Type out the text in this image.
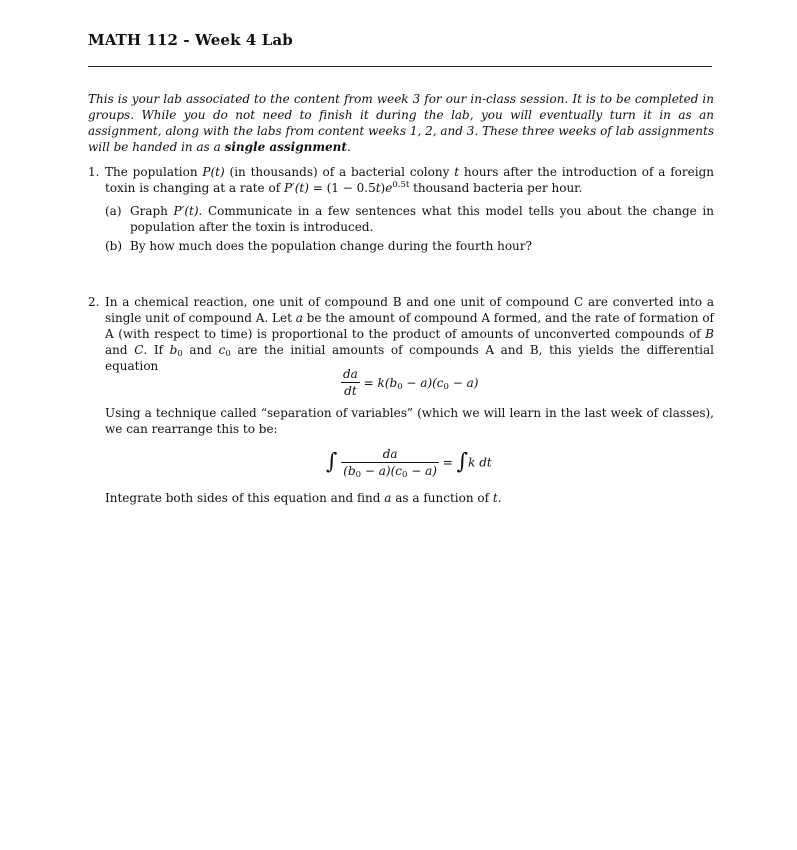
MATH 112 - Week 4 Lab
This is your lab associated to the content from week 3 for our in-class session. It is to be completed in groups. While you do not need to finish it during the lab, you will eventually turn it in as an assignment, along with the labs from content weeks 1, 2, and 3. These three weeks of lab assignments will be handed in as a single assignment.
1. The population P(t) (in thousands) of a bacterial colony t hours after the introduction of a foreign toxin is changing at a rate of $P'(t) = (1 - 0.5t)e^{0.5t}$ thousand bacteria per hour.
(a) Graph P′(t). Communicate in a few sentences what this model tells you about the change in population after the toxin is introduced.
(b) By how much does the population change during the fourth hour?
2. In a chemical reaction, one unit of compound B and one unit of compound C are converted into a single unit of compound A. Let a be the amount of compound A formed, and the rate of formation of A (with respect to time) is proportional to the product of amounts of unconverted compounds of B and C. If $b_0$ and $c_0$ are the initial amounts of compounds A and B, this yields the differential equation
$\frac{da}{dt} = k(b_0 - a)(c_0 - a)$
Using a technique called “separation of variables” (which we will learn in the last week of classes), we can rearrange this to be:
∫ $\frac{da}{(b_0 - a)(c_0 - a)} = \int k$ dt
Integrate both sides of this equation and find a as a function of t.
